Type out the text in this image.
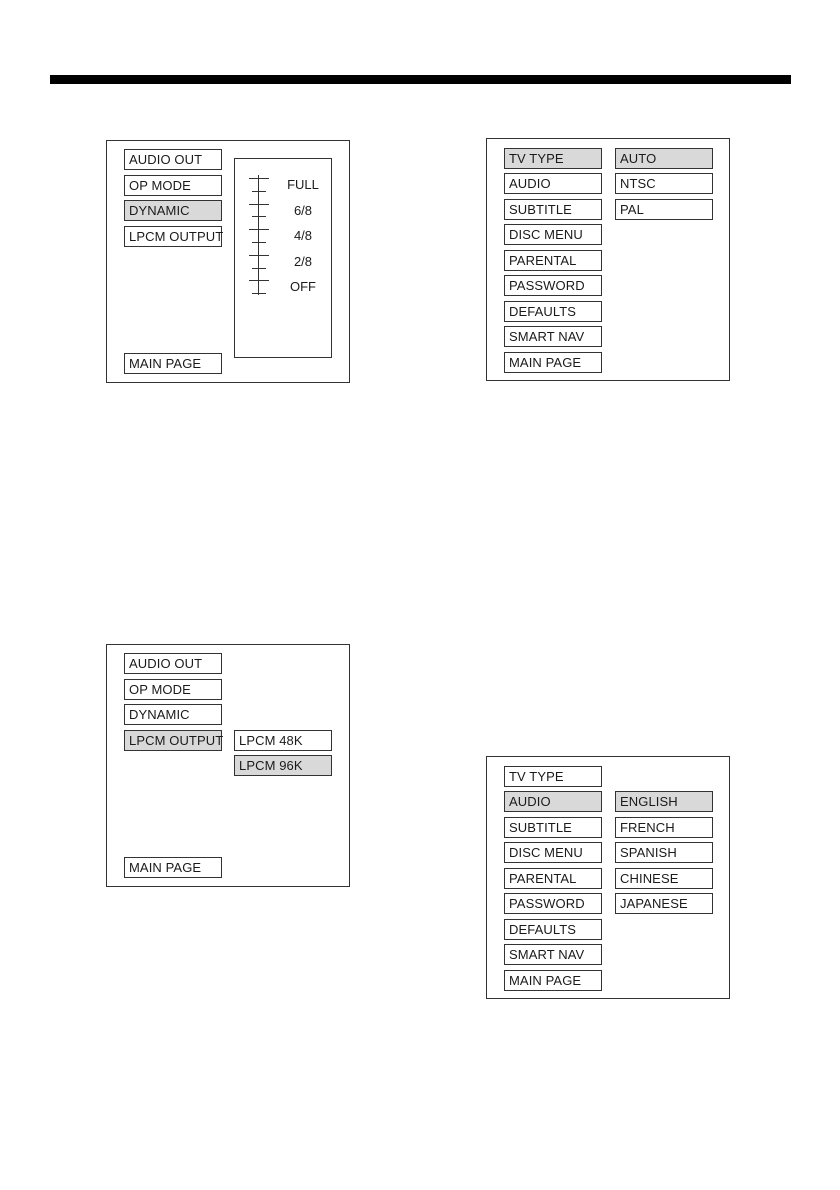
AUDIO OUT
OP MODE
DYNAMIC
LPCM OUTPUT
FULL
6/8
4/8
2/8
OFF
MAIN PAGE
TV TYPE
AUDIO
SUBTITLE
DISC MENU
PARENTAL
PASSWORD
DEFAULTS
SMART NAV
MAIN PAGE
AUTO
NTSC
PAL
AUDIO OUT
OP MODE
DYNAMIC
LPCM OUTPUT	LPCM 48K
LPCM 96K
MAIN PAGE
TV TYPE
AUDIO
SUBTITLE
DISC MENU
PARENTAL
PASSWORD
DEFAULTS
SMART NAV
MAIN PAGE
ENGLISH
FRENCH
SPANISH
CHINESE
JAPANESE
